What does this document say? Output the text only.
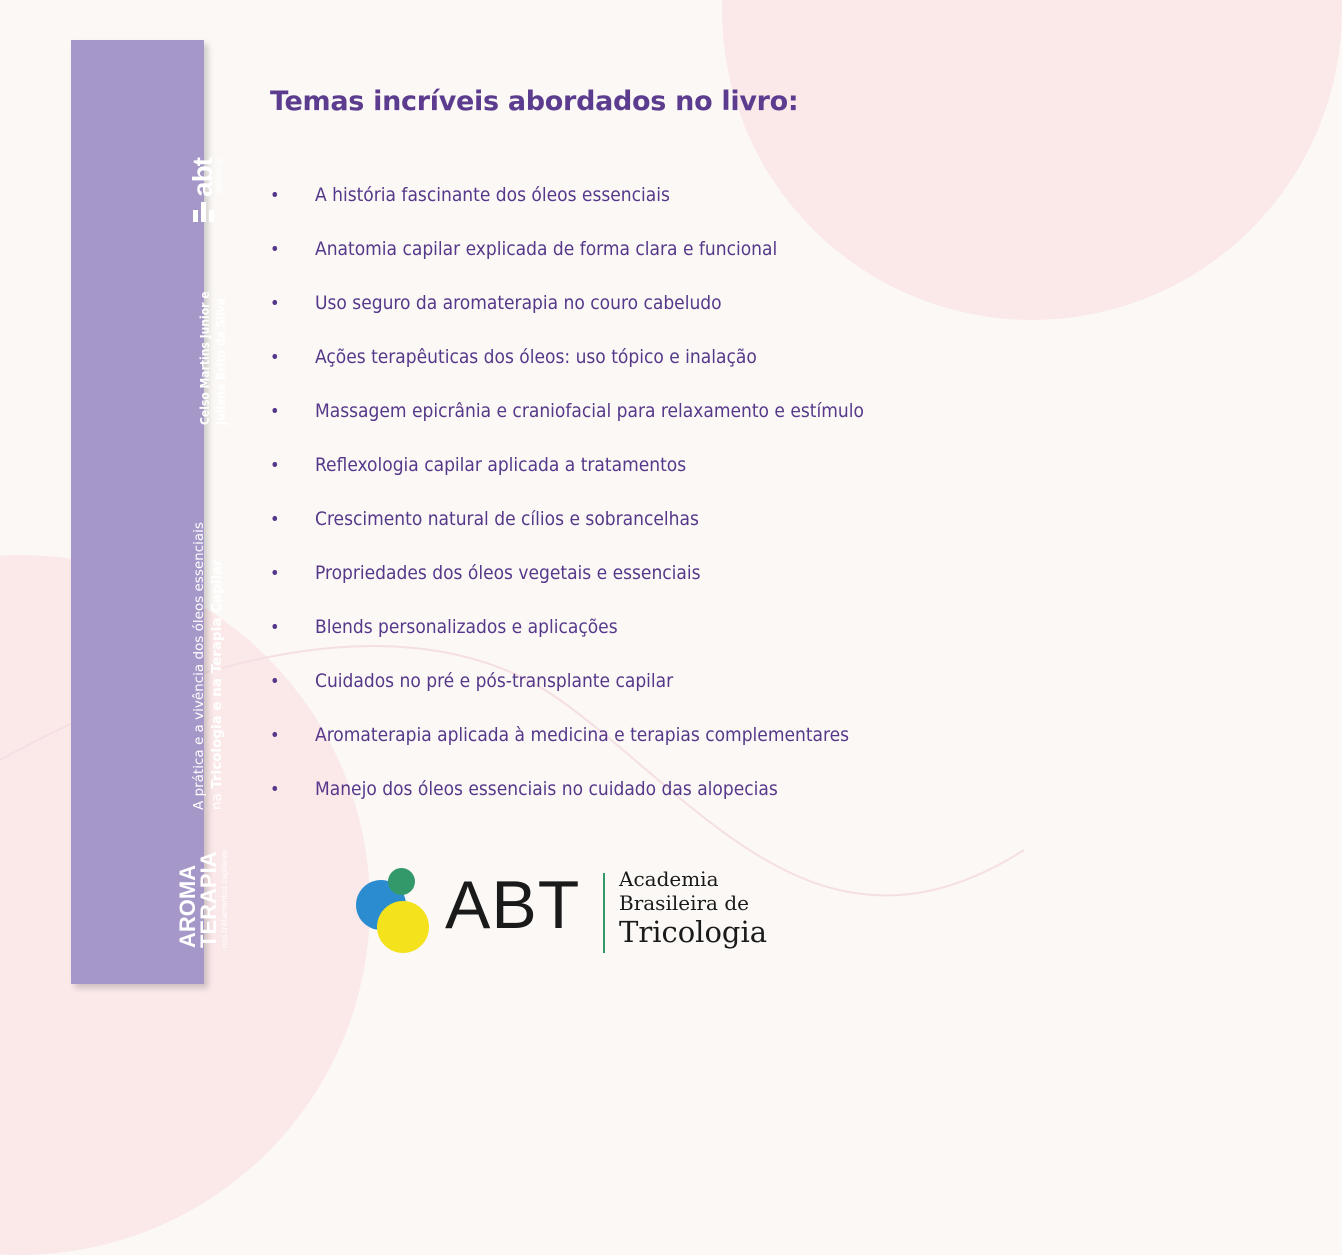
abt
editorial
Celso Martins Junior e Juliana Brito da Silva
A prática e a vivência dos óleos essenciais na Tricologia e na Terapia Capilar
AROMA
TERAPIA nos tratamentos capilares
Temas incríveis abordados no livro:
•	A história fascinante dos óleos essenciais
•	Anatomia capilar explicada de forma clara e funcional
•	Uso seguro da aromaterapia no couro cabeludo
•	Ações terapêuticas dos óleos: uso tópico e inalação
•	Massagem epicrânia e craniofacial para relaxamento e estímulo
•	Reflexologia capilar aplicada a tratamentos
•	Crescimento natural de cílios e sobrancelhas
•	Propriedades dos óleos vegetais e essenciais
•	Blends personalizados e aplicações
•	Cuidados no pré e pós-transplante capilar
•	Aromaterapia aplicada à medicina e terapias complementares
•	Manejo dos óleos essenciais no cuidado das alopecias
ABT Academia
Brasileira de
Tricologia
